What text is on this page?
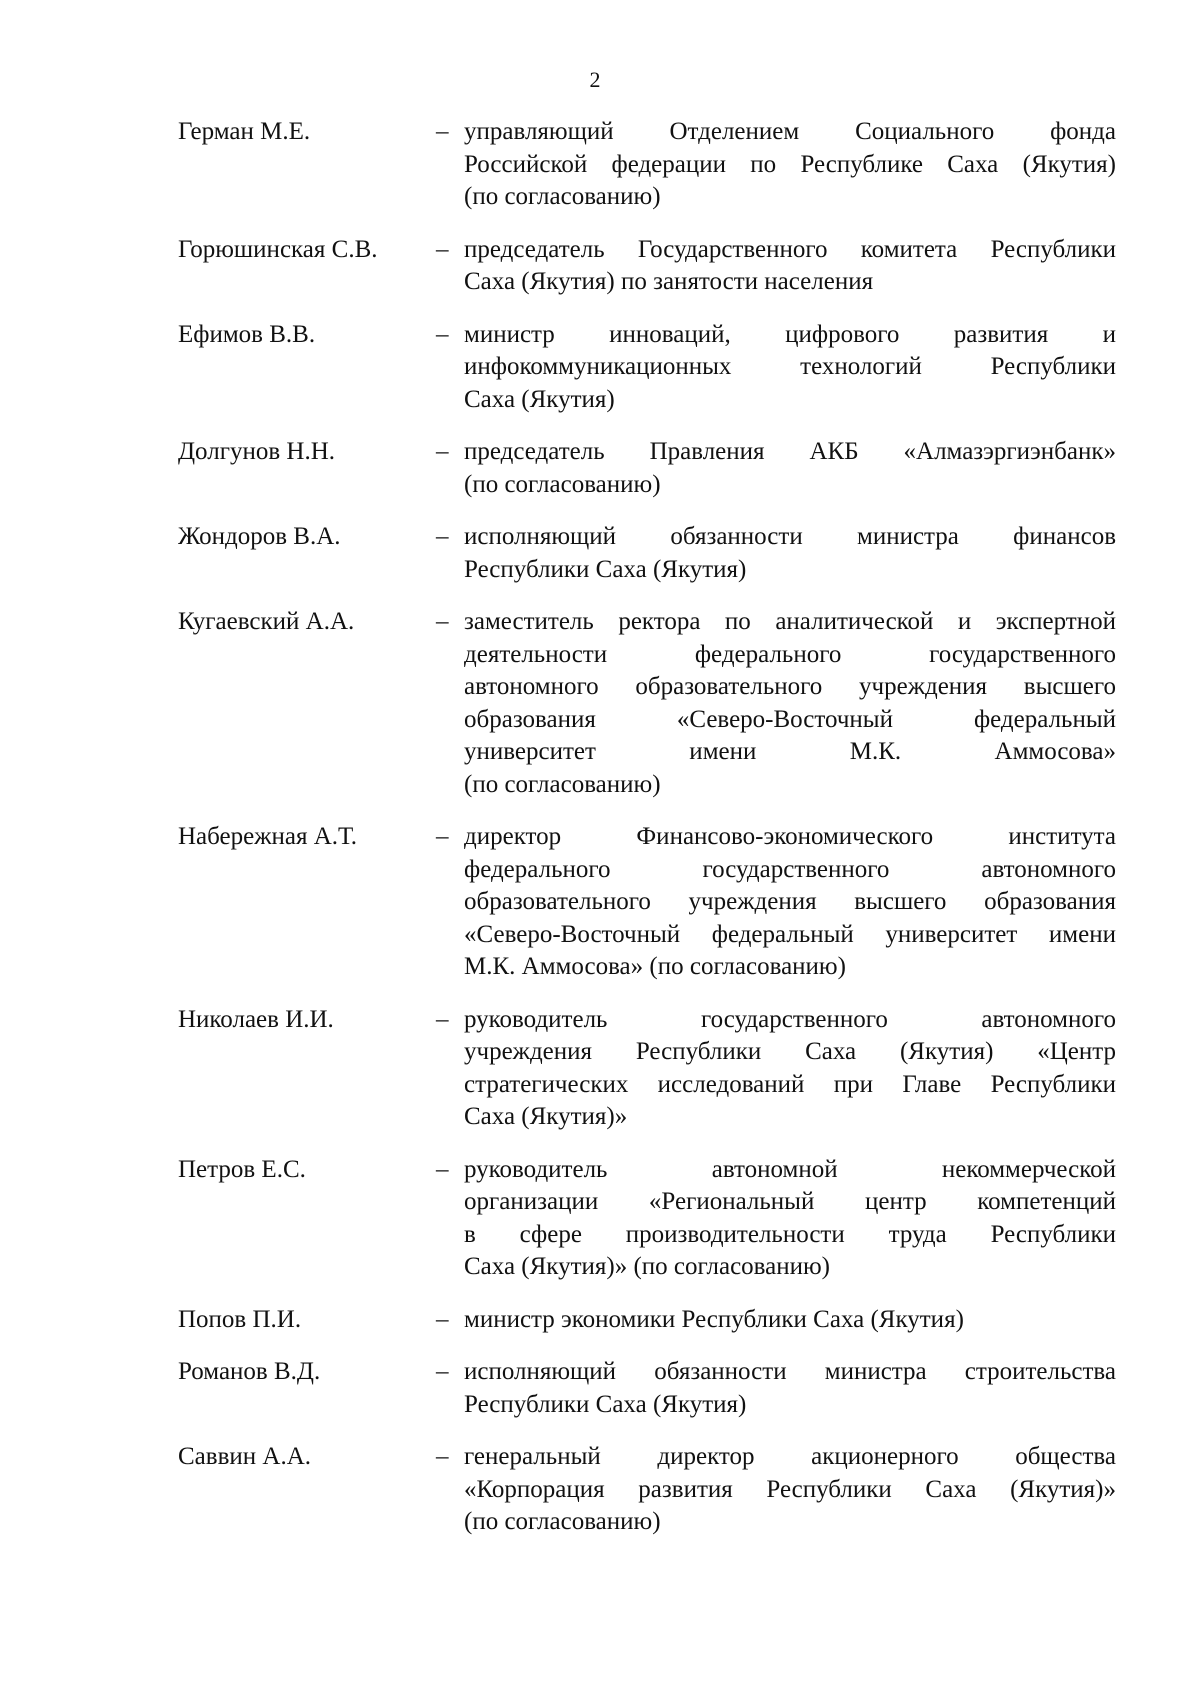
2
Герман М.Е.	– управляющий Отделением Социального фонда
Российской федерации по Республике Саха (Якутия)
(по согласованию)
Горюшинская С.В.	– председатель Государственного комитета Республики
Саха (Якутия) по занятости населения
Ефимов В.В.	– министр инноваций, цифрового развития и
инфокоммуникационных технологий Республики
Саха (Якутия)
Долгунов Н.Н.	– председатель Правления АКБ «Алмазэргиэнбанк»
(по согласованию)
Жондоров В.А.	– исполняющий обязанности министра финансов
Республики Саха (Якутия)
Кугаевский А.А.	– заместитель ректора по аналитической и экспертной
деятельности федерального государственного
автономного образовательного учреждения высшего
образования «Северо-Восточный федеральный
университет имени М.К. Аммосова»
(по согласованию)
Набережная А.Т.	– директор Финансово-экономического института
федерального государственного автономного
образовательного учреждения высшего образования
«Северо-Восточный федеральный университет имени
М.К. Аммосова» (по согласованию)
Николаев И.И.	– руководитель государственного автономного
учреждения Республики Саха (Якутия) «Центр
стратегических исследований при Главе Республики
Саха (Якутия)»
Петров Е.С.	– руководитель автономной некоммерческой
организации «Региональный центр компетенций
в сфере производительности труда Республики
Саха (Якутия)» (по согласованию)
Попов П.И.	– министр экономики Республики Саха (Якутия)
Романов В.Д.	– исполняющий обязанности министра строительства
Республики Саха (Якутия)
Саввин А.А.	– генеральный директор акционерного общества
«Корпорация развития Республики Саха (Якутия)»
(по согласованию)
